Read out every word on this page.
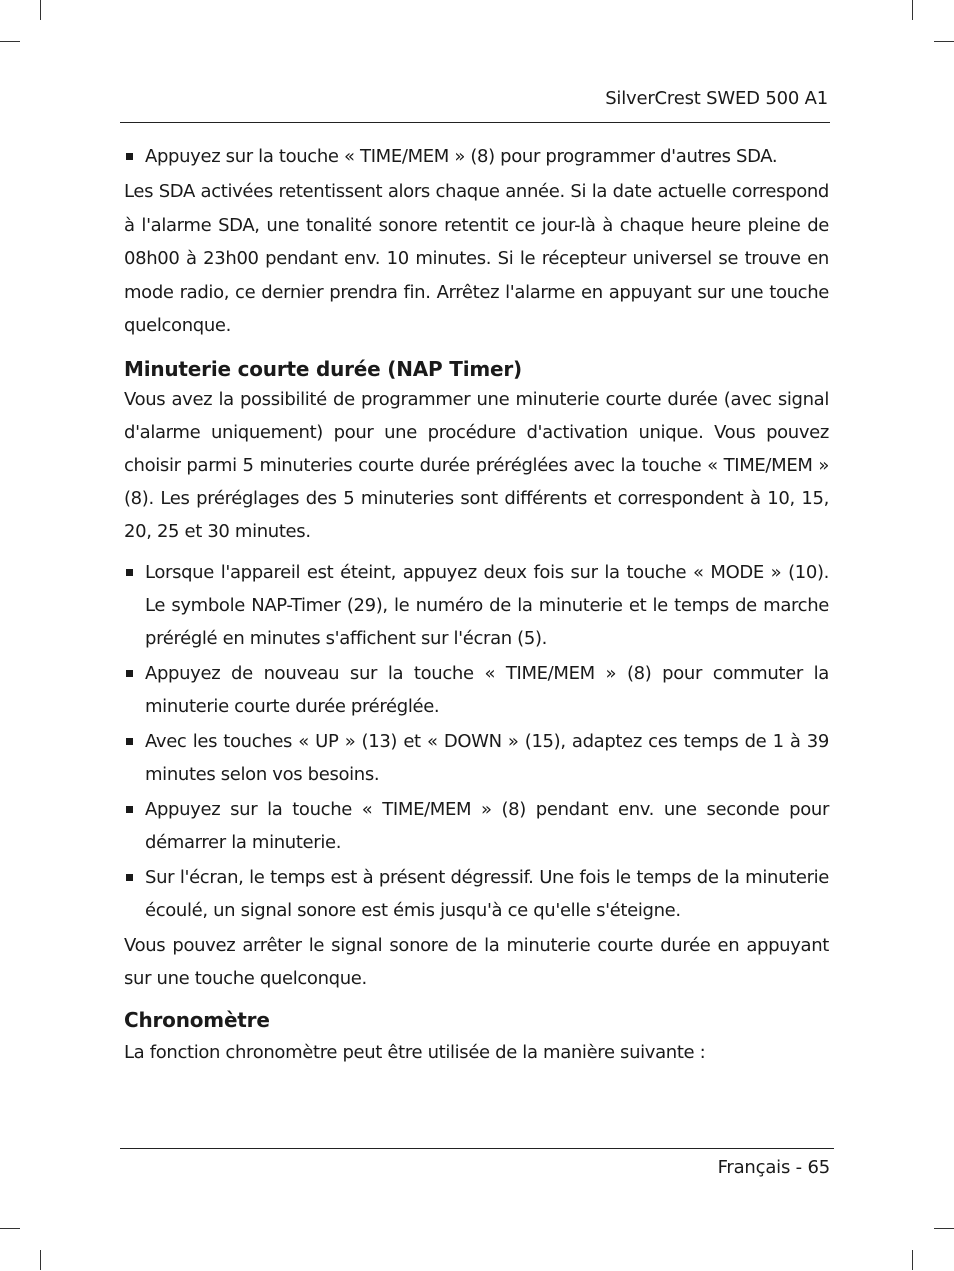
SilverCrest SWED 500 A1
Appuyez sur la touche « TIME/MEM » (8) pour programmer d'autres SDA.

Les SDA activées retentissent alors chaque année. Si la date actuelle correspond à l'alarme SDA, une tonalité sonore retentit ce jour-là à chaque heure pleine de 08h00 à 23h00 pendant env. 10 minutes. Si le récepteur universel se trouve en mode radio, ce dernier prendra fin. Arrêtez l'alarme en appuyant sur une touche quelconque.

Minuterie courte durée (NAP Timer)

Vous avez la possibilité de programmer une minuterie courte durée (avec signal d'alarme uniquement) pour une procédure d'activation unique. Vous pouvez choisir parmi 5 minuteries courte durée préréglées avec la touche « TIME/MEM » (8). Les préréglages des 5 minuteries sont différents et correspondent à 10, 15, 20, 25 et 30 minutes.

Lorsque l'appareil est éteint, appuyez deux fois sur la touche « MODE » (10). Le symbole NAP-Timer (29), le numéro de la minuterie et le temps de marche préréglé en minutes s'affichent sur l'écran (5).
Appuyez de nouveau sur la touche « TIME/MEM » (8) pour commuter la minuterie courte durée préréglée.
Avec les touches « UP » (13) et « DOWN » (15), adaptez ces temps de 1 à 39 minutes selon vos besoins.
Appuyez sur la touche « TIME/MEM » (8) pendant env. une seconde pour démarrer la minuterie.
Sur l'écran, le temps est à présent dégressif. Une fois le temps de la minuterie écoulé, un signal sonore est émis jusqu'à ce qu'elle s'éteigne.

Vous pouvez arrêter le signal sonore de la minuterie courte durée en appuyant sur une touche quelconque.

Chronomètre

La fonction chronomètre peut être utilisée de la manière suivante :

Français - 65
